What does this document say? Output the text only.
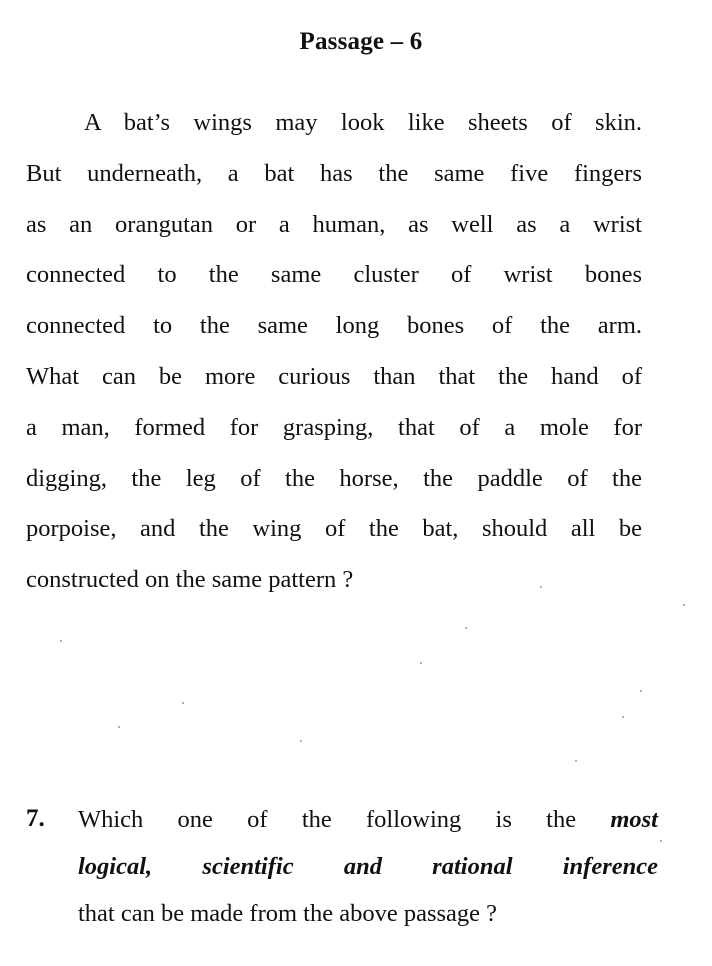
Passage – 6

A bat’s wings may look like sheets of skin.
But underneath, a bat has the same five fingers
as an orangutan or a human, as well as a wrist
connected to the same cluster of wrist bones
connected to the same long bones of the arm.
What can be more curious than that the hand of
a man, formed for grasping, that of a mole for
digging, the leg of the horse, the paddle of the
porpoise, and the wing of the bat, should all be
constructed on the same pattern ?

7. Which one of the following is the most
logical, scientific and rational inference
that can be made from the above passage ?
